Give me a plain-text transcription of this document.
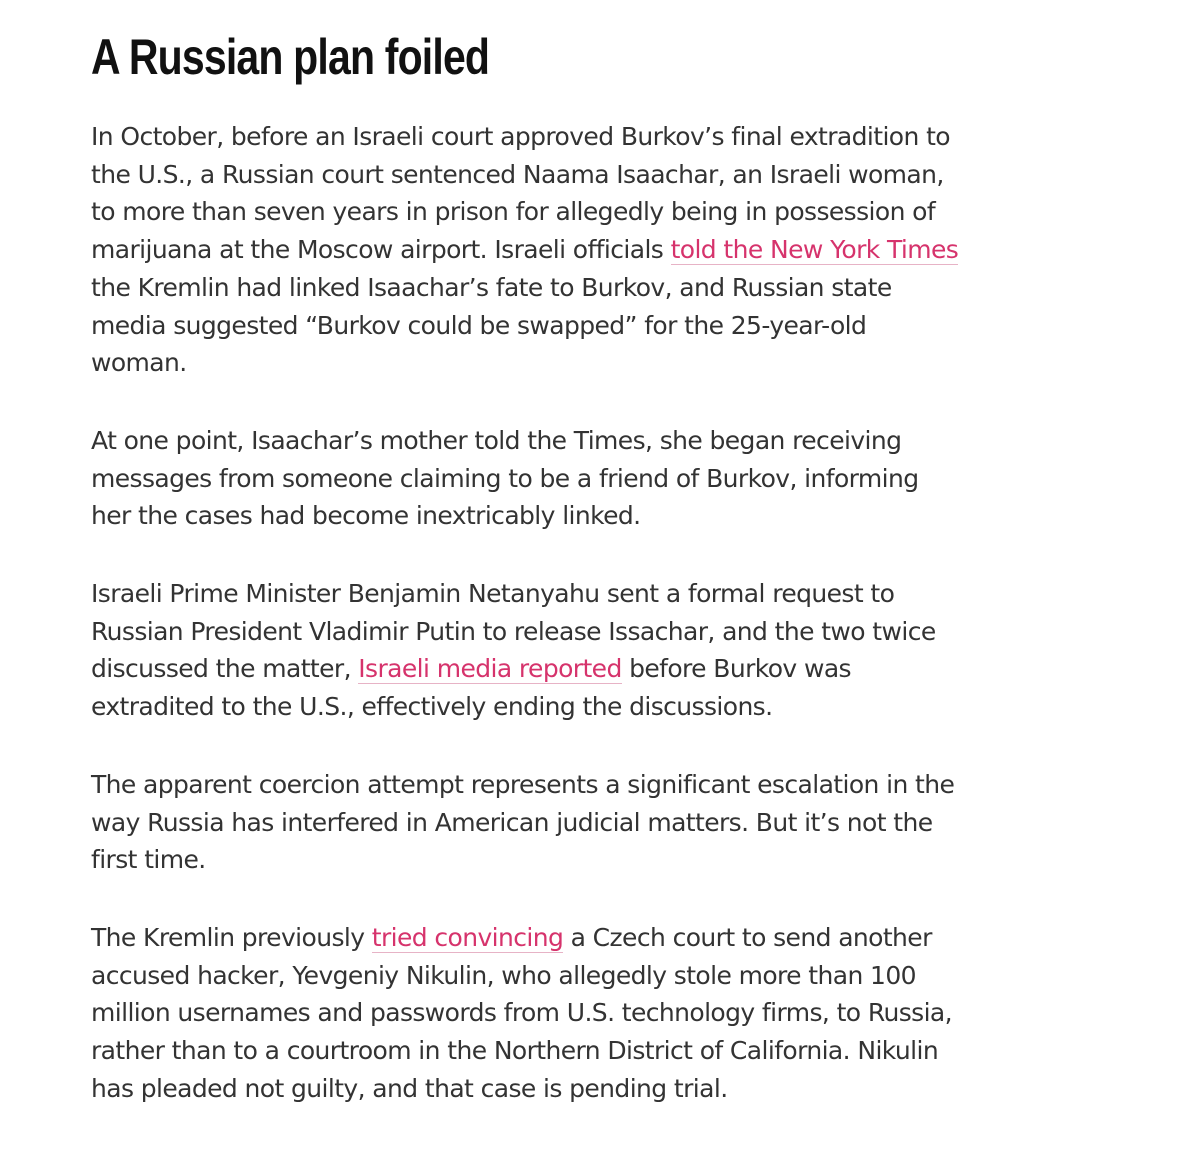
A Russian plan foiled

In October, before an Israeli court approved Burkov’s final extradition to the U.S., a Russian court sentenced Naama Isaachar, an Israeli woman, to more than seven years in prison for allegedly being in possession of marijuana at the Moscow airport. Israeli officials told the New York Times the Kremlin had linked Isaachar’s fate to Burkov, and Russian state media suggested “Burkov could be swapped” for the 25-year-old woman.

At one point, Isaachar’s mother told the Times, she began receiving messages from someone claiming to be a friend of Burkov, informing her the cases had become inextricably linked.

Israeli Prime Minister Benjamin Netanyahu sent a formal request to Russian President Vladimir Putin to release Issachar, and the two twice discussed the matter, Israeli media reported before Burkov was extradited to the U.S., effectively ending the discussions.

The apparent coercion attempt represents a significant escalation in the way Russia has interfered in American judicial matters. But it’s not the first time.

The Kremlin previously tried convincing a Czech court to send another accused hacker, Yevgeniy Nikulin, who allegedly stole more than 100 million usernames and passwords from U.S. technology firms, to Russia, rather than to a courtroom in the Northern District of California. Nikulin has pleaded not guilty, and that case is pending trial.
